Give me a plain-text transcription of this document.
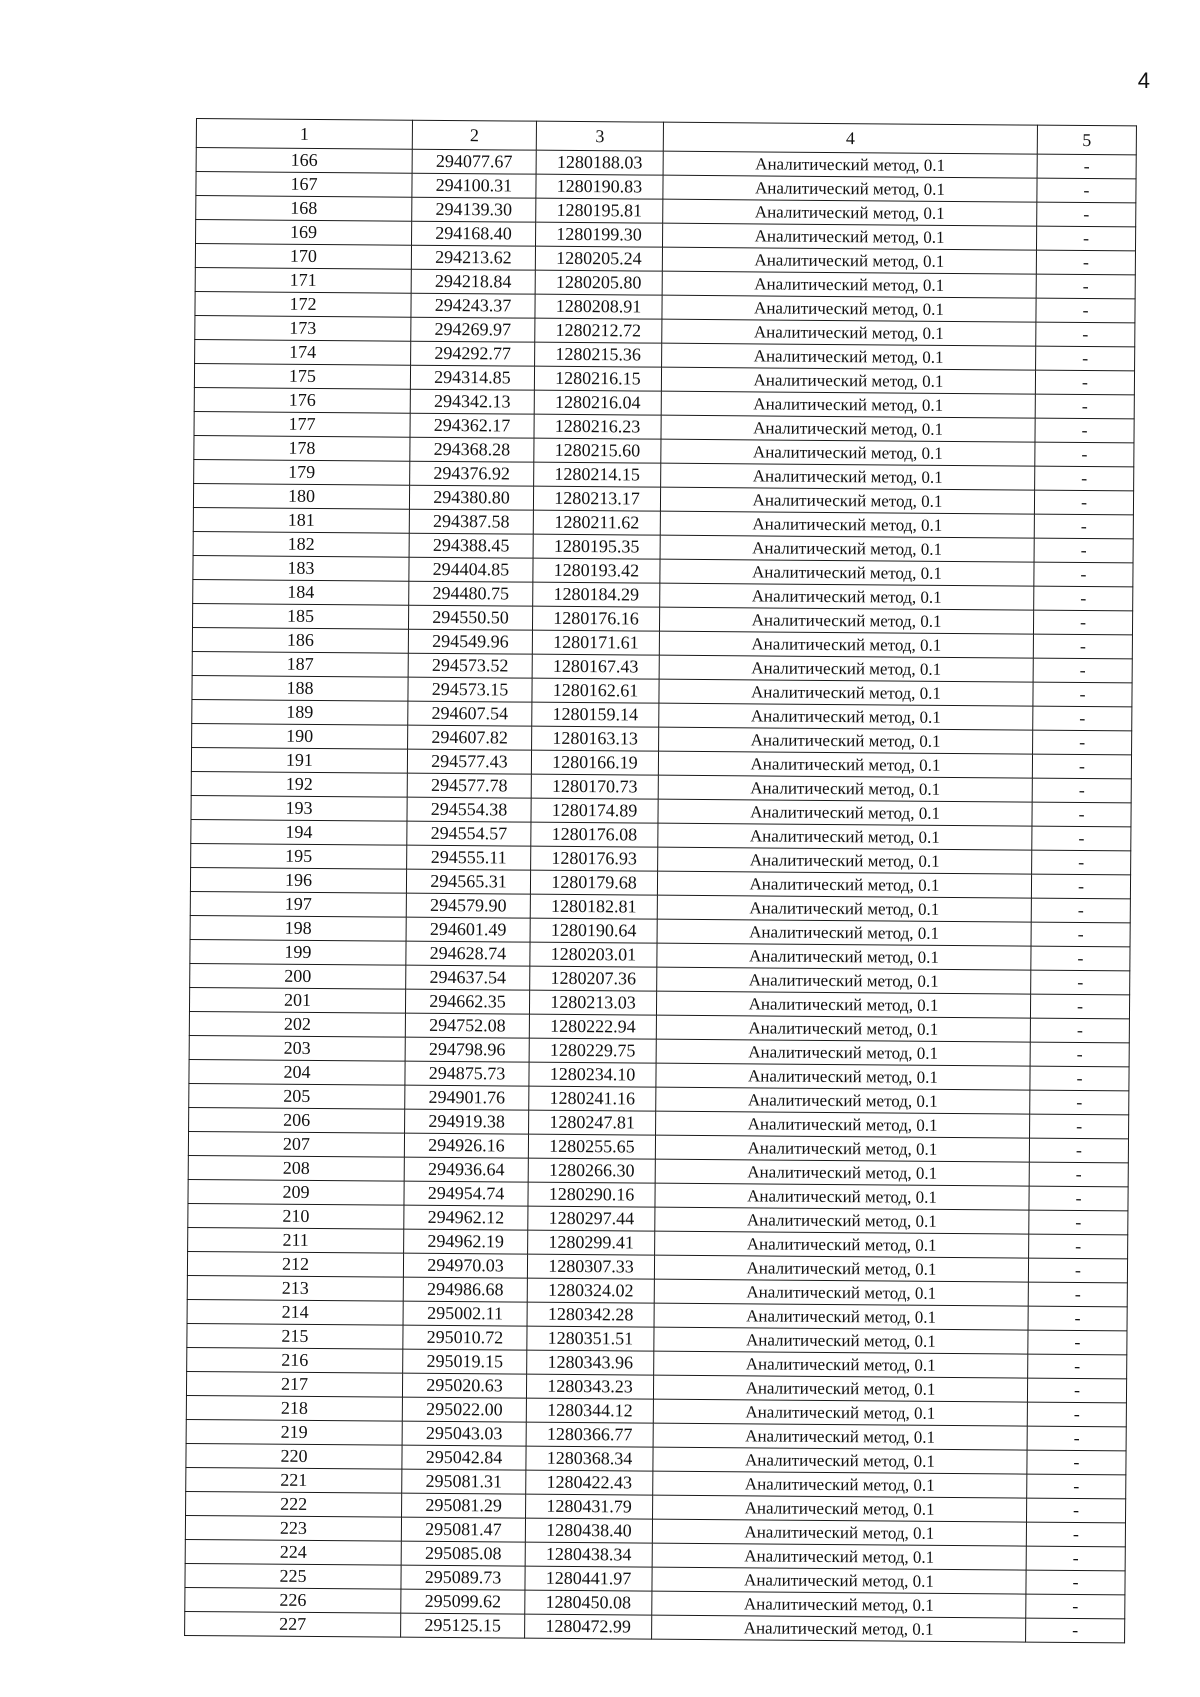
4
1	2	3	4	5
166	294077.67	1280188.03	Аналитический метод, 0.1	-
167	294100.31	1280190.83	Аналитический метод, 0.1	-
168	294139.30	1280195.81	Аналитический метод, 0.1	-
169	294168.40	1280199.30	Аналитический метод, 0.1	-
170	294213.62	1280205.24	Аналитический метод, 0.1	-
171	294218.84	1280205.80	Аналитический метод, 0.1	-
172	294243.37	1280208.91	Аналитический метод, 0.1	-
173	294269.97	1280212.72	Аналитический метод, 0.1	-
174	294292.77	1280215.36	Аналитический метод, 0.1	-
175	294314.85	1280216.15	Аналитический метод, 0.1	-
176	294342.13	1280216.04	Аналитический метод, 0.1	-
177	294362.17	1280216.23	Аналитический метод, 0.1	-
178	294368.28	1280215.60	Аналитический метод, 0.1	-
179	294376.92	1280214.15	Аналитический метод, 0.1	-
180	294380.80	1280213.17	Аналитический метод, 0.1	-
181	294387.58	1280211.62	Аналитический метод, 0.1	-
182	294388.45	1280195.35	Аналитический метод, 0.1	-
183	294404.85	1280193.42	Аналитический метод, 0.1	-
184	294480.75	1280184.29	Аналитический метод, 0.1	-
185	294550.50	1280176.16	Аналитический метод, 0.1	-
186	294549.96	1280171.61	Аналитический метод, 0.1	-
187	294573.52	1280167.43	Аналитический метод, 0.1	-
188	294573.15	1280162.61	Аналитический метод, 0.1	-
189	294607.54	1280159.14	Аналитический метод, 0.1	-
190	294607.82	1280163.13	Аналитический метод, 0.1	-
191	294577.43	1280166.19	Аналитический метод, 0.1	-
192	294577.78	1280170.73	Аналитический метод, 0.1	-
193	294554.38	1280174.89	Аналитический метод, 0.1	-
194	294554.57	1280176.08	Аналитический метод, 0.1	-
195	294555.11	1280176.93	Аналитический метод, 0.1	-
196	294565.31	1280179.68	Аналитический метод, 0.1	-
197	294579.90	1280182.81	Аналитический метод, 0.1	-
198	294601.49	1280190.64	Аналитический метод, 0.1	-
199	294628.74	1280203.01	Аналитический метод, 0.1	-
200	294637.54	1280207.36	Аналитический метод, 0.1	-
201	294662.35	1280213.03	Аналитический метод, 0.1	-
202	294752.08	1280222.94	Аналитический метод, 0.1	-
203	294798.96	1280229.75	Аналитический метод, 0.1	-
204	294875.73	1280234.10	Аналитический метод, 0.1	-
205	294901.76	1280241.16	Аналитический метод, 0.1	-
206	294919.38	1280247.81	Аналитический метод, 0.1	-
207	294926.16	1280255.65	Аналитический метод, 0.1	-
208	294936.64	1280266.30	Аналитический метод, 0.1	-
209	294954.74	1280290.16	Аналитический метод, 0.1	-
210	294962.12	1280297.44	Аналитический метод, 0.1	-
211	294962.19	1280299.41	Аналитический метод, 0.1	-
212	294970.03	1280307.33	Аналитический метод, 0.1	-
213	294986.68	1280324.02	Аналитический метод, 0.1	-
214	295002.11	1280342.28	Аналитический метод, 0.1	-
215	295010.72	1280351.51	Аналитический метод, 0.1	-
216	295019.15	1280343.96	Аналитический метод, 0.1	-
217	295020.63	1280343.23	Аналитический метод, 0.1	-
218	295022.00	1280344.12	Аналитический метод, 0.1	-
219	295043.03	1280366.77	Аналитический метод, 0.1	-
220	295042.84	1280368.34	Аналитический метод, 0.1	-
221	295081.31	1280422.43	Аналитический метод, 0.1	-
222	295081.29	1280431.79	Аналитический метод, 0.1	-
223	295081.47	1280438.40	Аналитический метод, 0.1	-
224	295085.08	1280438.34	Аналитический метод, 0.1	-
225	295089.73	1280441.97	Аналитический метод, 0.1	-
226	295099.62	1280450.08	Аналитический метод, 0.1	-
227	295125.15	1280472.99	Аналитический метод, 0.1	-
